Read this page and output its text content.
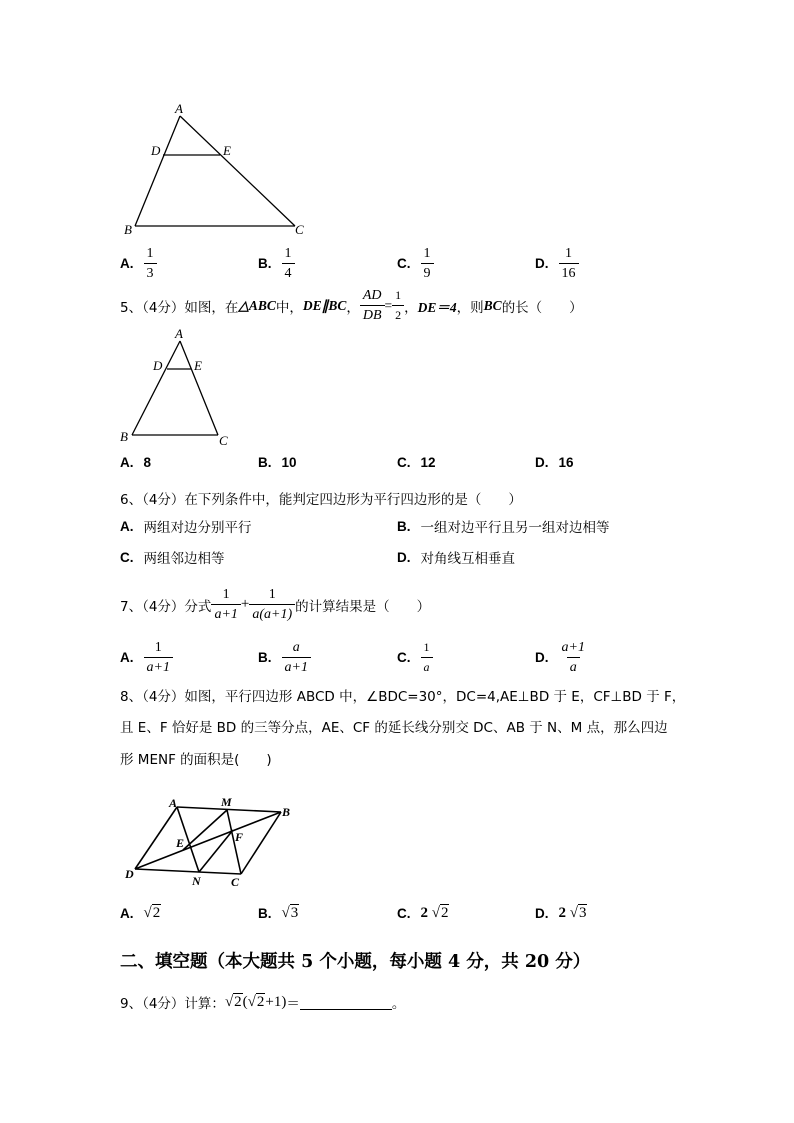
A
D	E
B	C
A. $\frac{1}{3}$	B. $\frac{1}{4}$	C. $\frac{1}{9}$	D. $\frac{1}{16}$
5、（4分）如图，在 △ABC 中， DE∥BC ， $\frac{AD}{DB} = \frac{1}{2}$ ， DE＝4 ，则 BC 的长（　　）
A
D E
B	C
A. 8	B. 10	C. 12	D. 16
6、（4分）在下列条件中，能判定四边形为平行四边形的是（　　）
A. 两组对边分别平行	B. 一组对边平行且另一组对边相等
C. 两组邻边相等	D. 对角线互相垂直
7、（4分）分式 $\frac{1}{a+1} + \frac{1}{a(a+1)}$ 的计算结果是（　　）
A. $\frac{1}{a+1}$	B. $\frac{a}{a+1}$	C. $\frac{1}{a}$	D. $\frac{a+1}{a}$
8、（4分）如图，平行四边形 ABCD 中，∠BDC=30°，DC=4,AE⊥BD 于 E，CF⊥BD 于 F，
且 E、F 恰好是 BD 的三等分点，AE、CF 的延长线分别交 DC、AB 于 N、M 点，那么四边
形 MENF 的面积是(　　)
A	M
B
E	F
D	N	C
A. √2	B. √3	C. 2 √2	D. 2 √3
二、填空题（本大题共 5 个小题，每小题 4 分，共 20 分）
9、（4分）计算： √2 ( √2 +1) ＝	。
